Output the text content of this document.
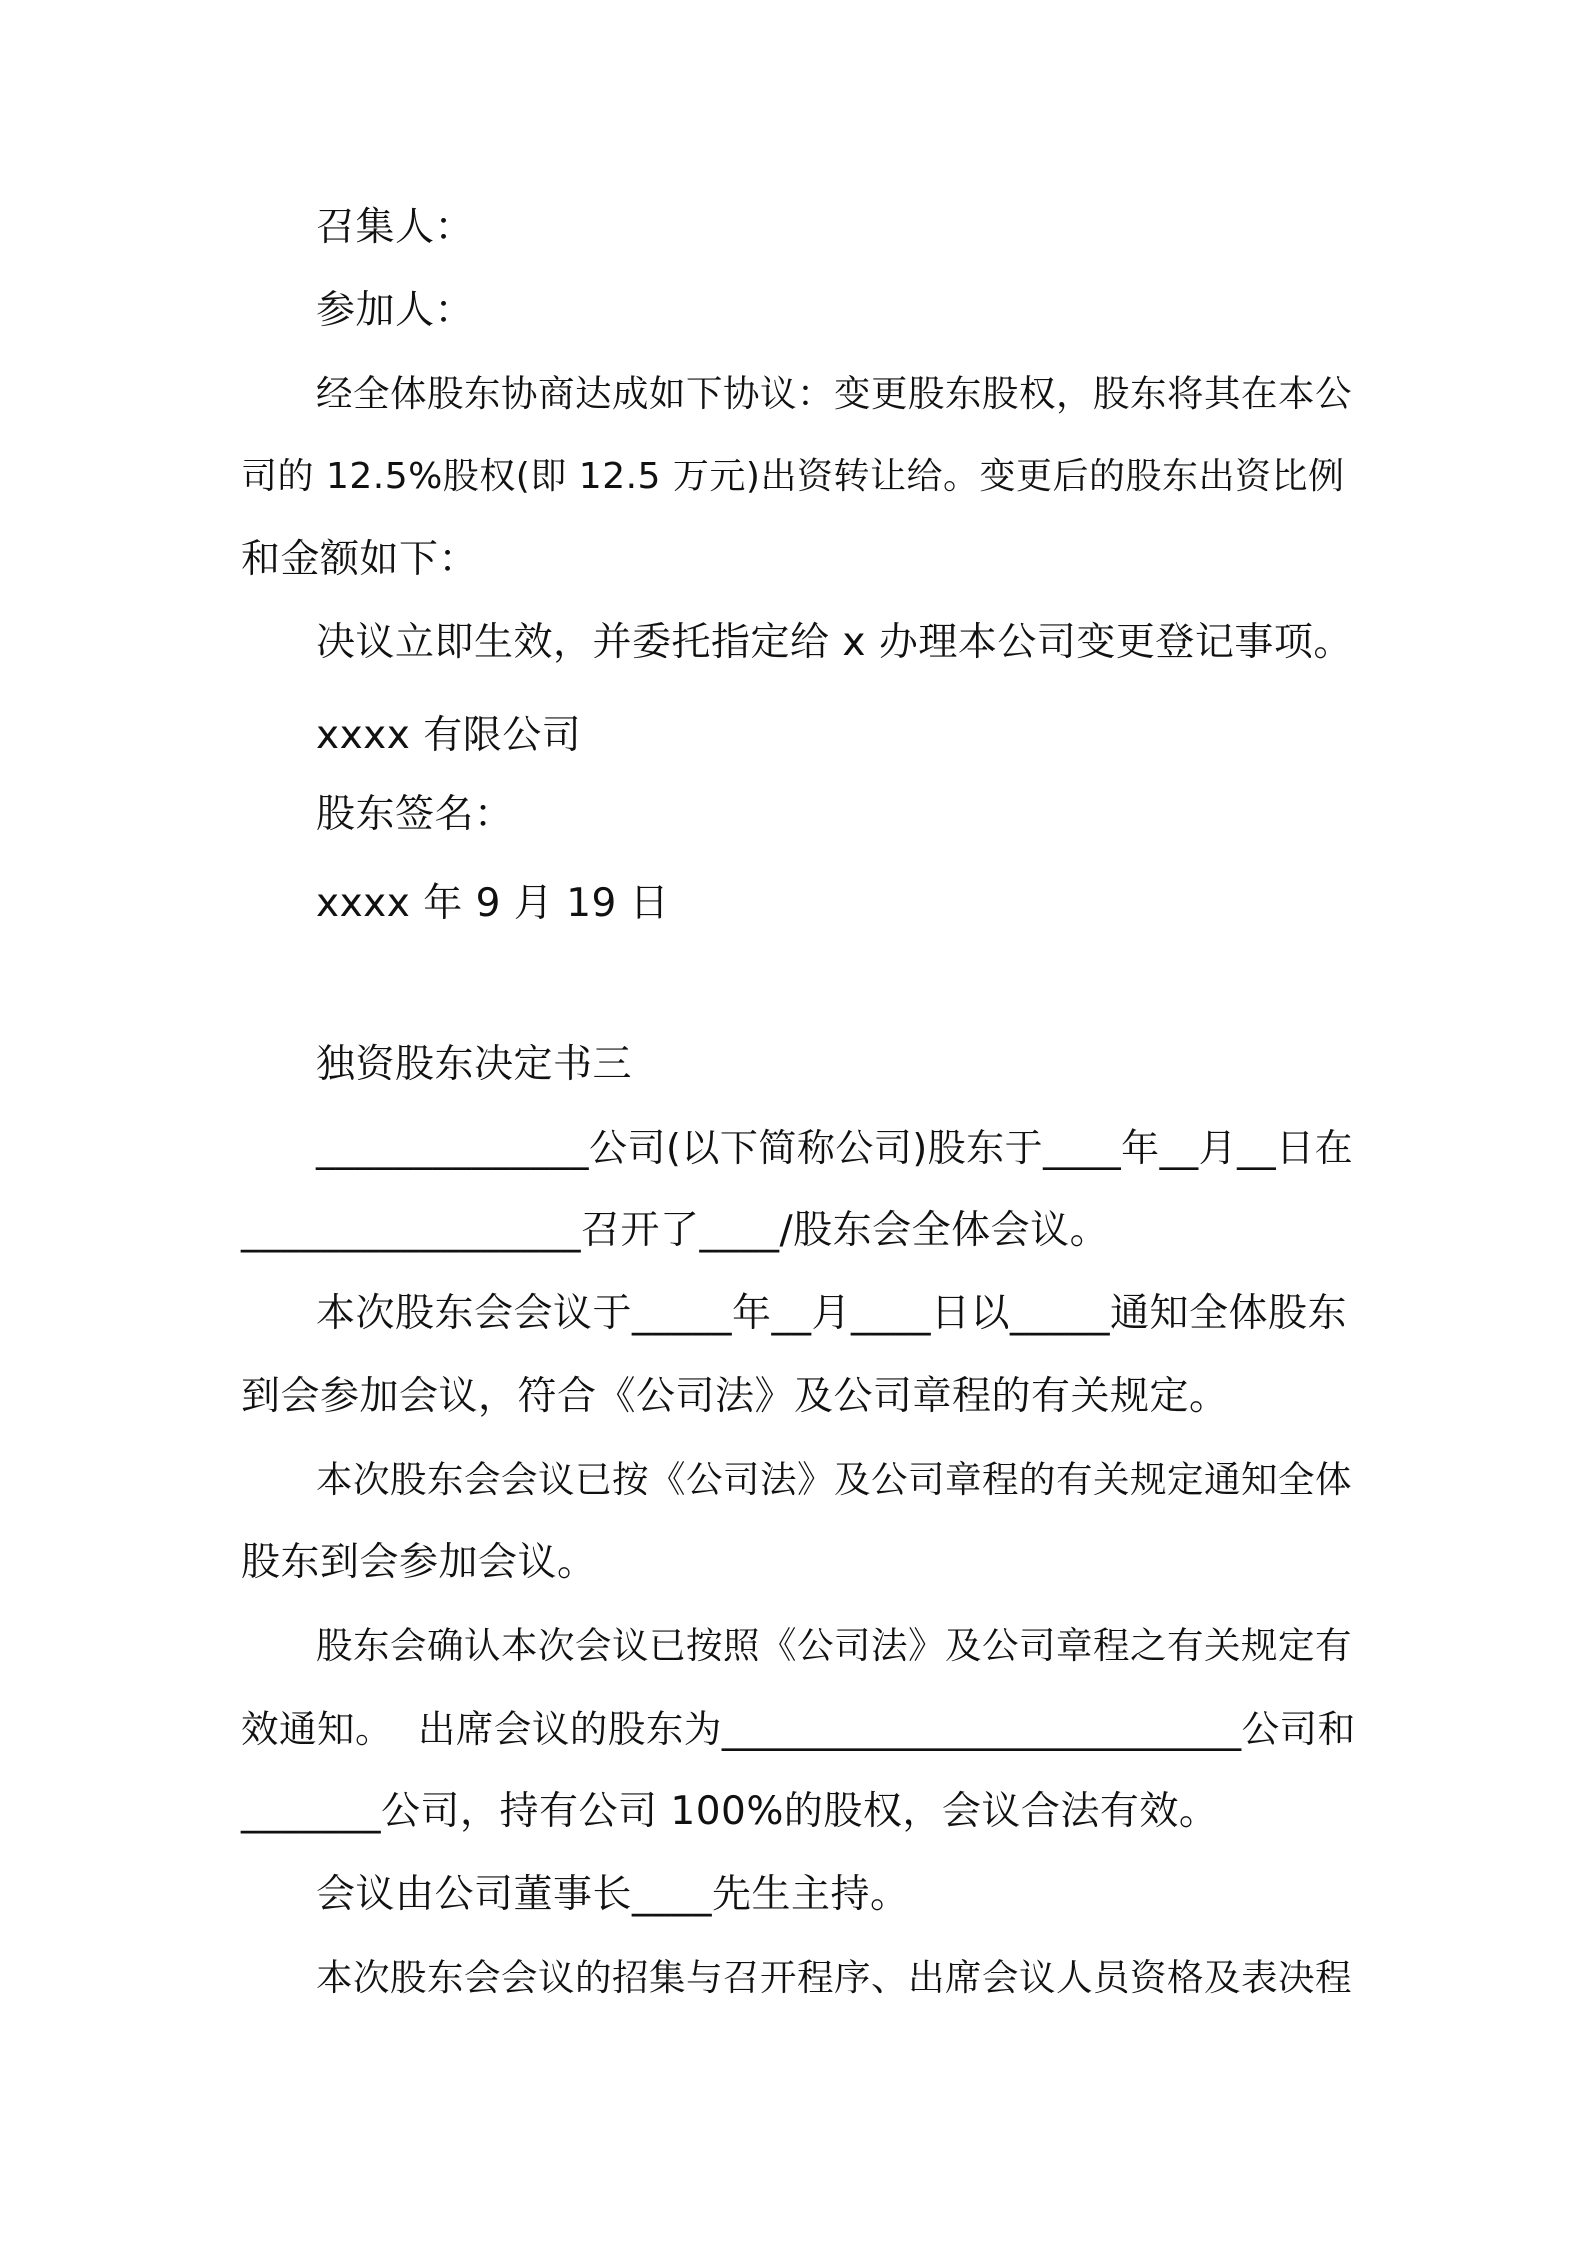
召集人：
参加人：
经全体股东协商达成如下协议：变更股东股权，股东将其在本公
司的 12.5%股权(即 12.5 万元)出资转让给。变更后的股东出资比例
和金额如下：
决议立即生效，并委托指定给 x 办理本公司变更登记事项。
xxxx 有限公司
股东签名：
xxxx 年 9 月 19 日
独资股东决定书三
______________公司(以下简称公司)股东于____年__月__日在
_________________召开了____/股东会全体会议。
本次股东会会议于_____年__月____日以_____通知全体股东
到会参加会议，符合《公司法》及公司章程的有关规定。
本次股东会会议已按《公司法》及公司章程的有关规定通知全体
股东到会参加会议。
股东会确认本次会议已按照《公司法》及公司章程之有关规定有
效通知。  出席会议的股东为___________________________公司和
_______公司，持有公司 100%的股权，会议合法有效。
会议由公司董事长____先生主持。
本次股东会会议的招集与召开程序、出席会议人员资格及表决程
